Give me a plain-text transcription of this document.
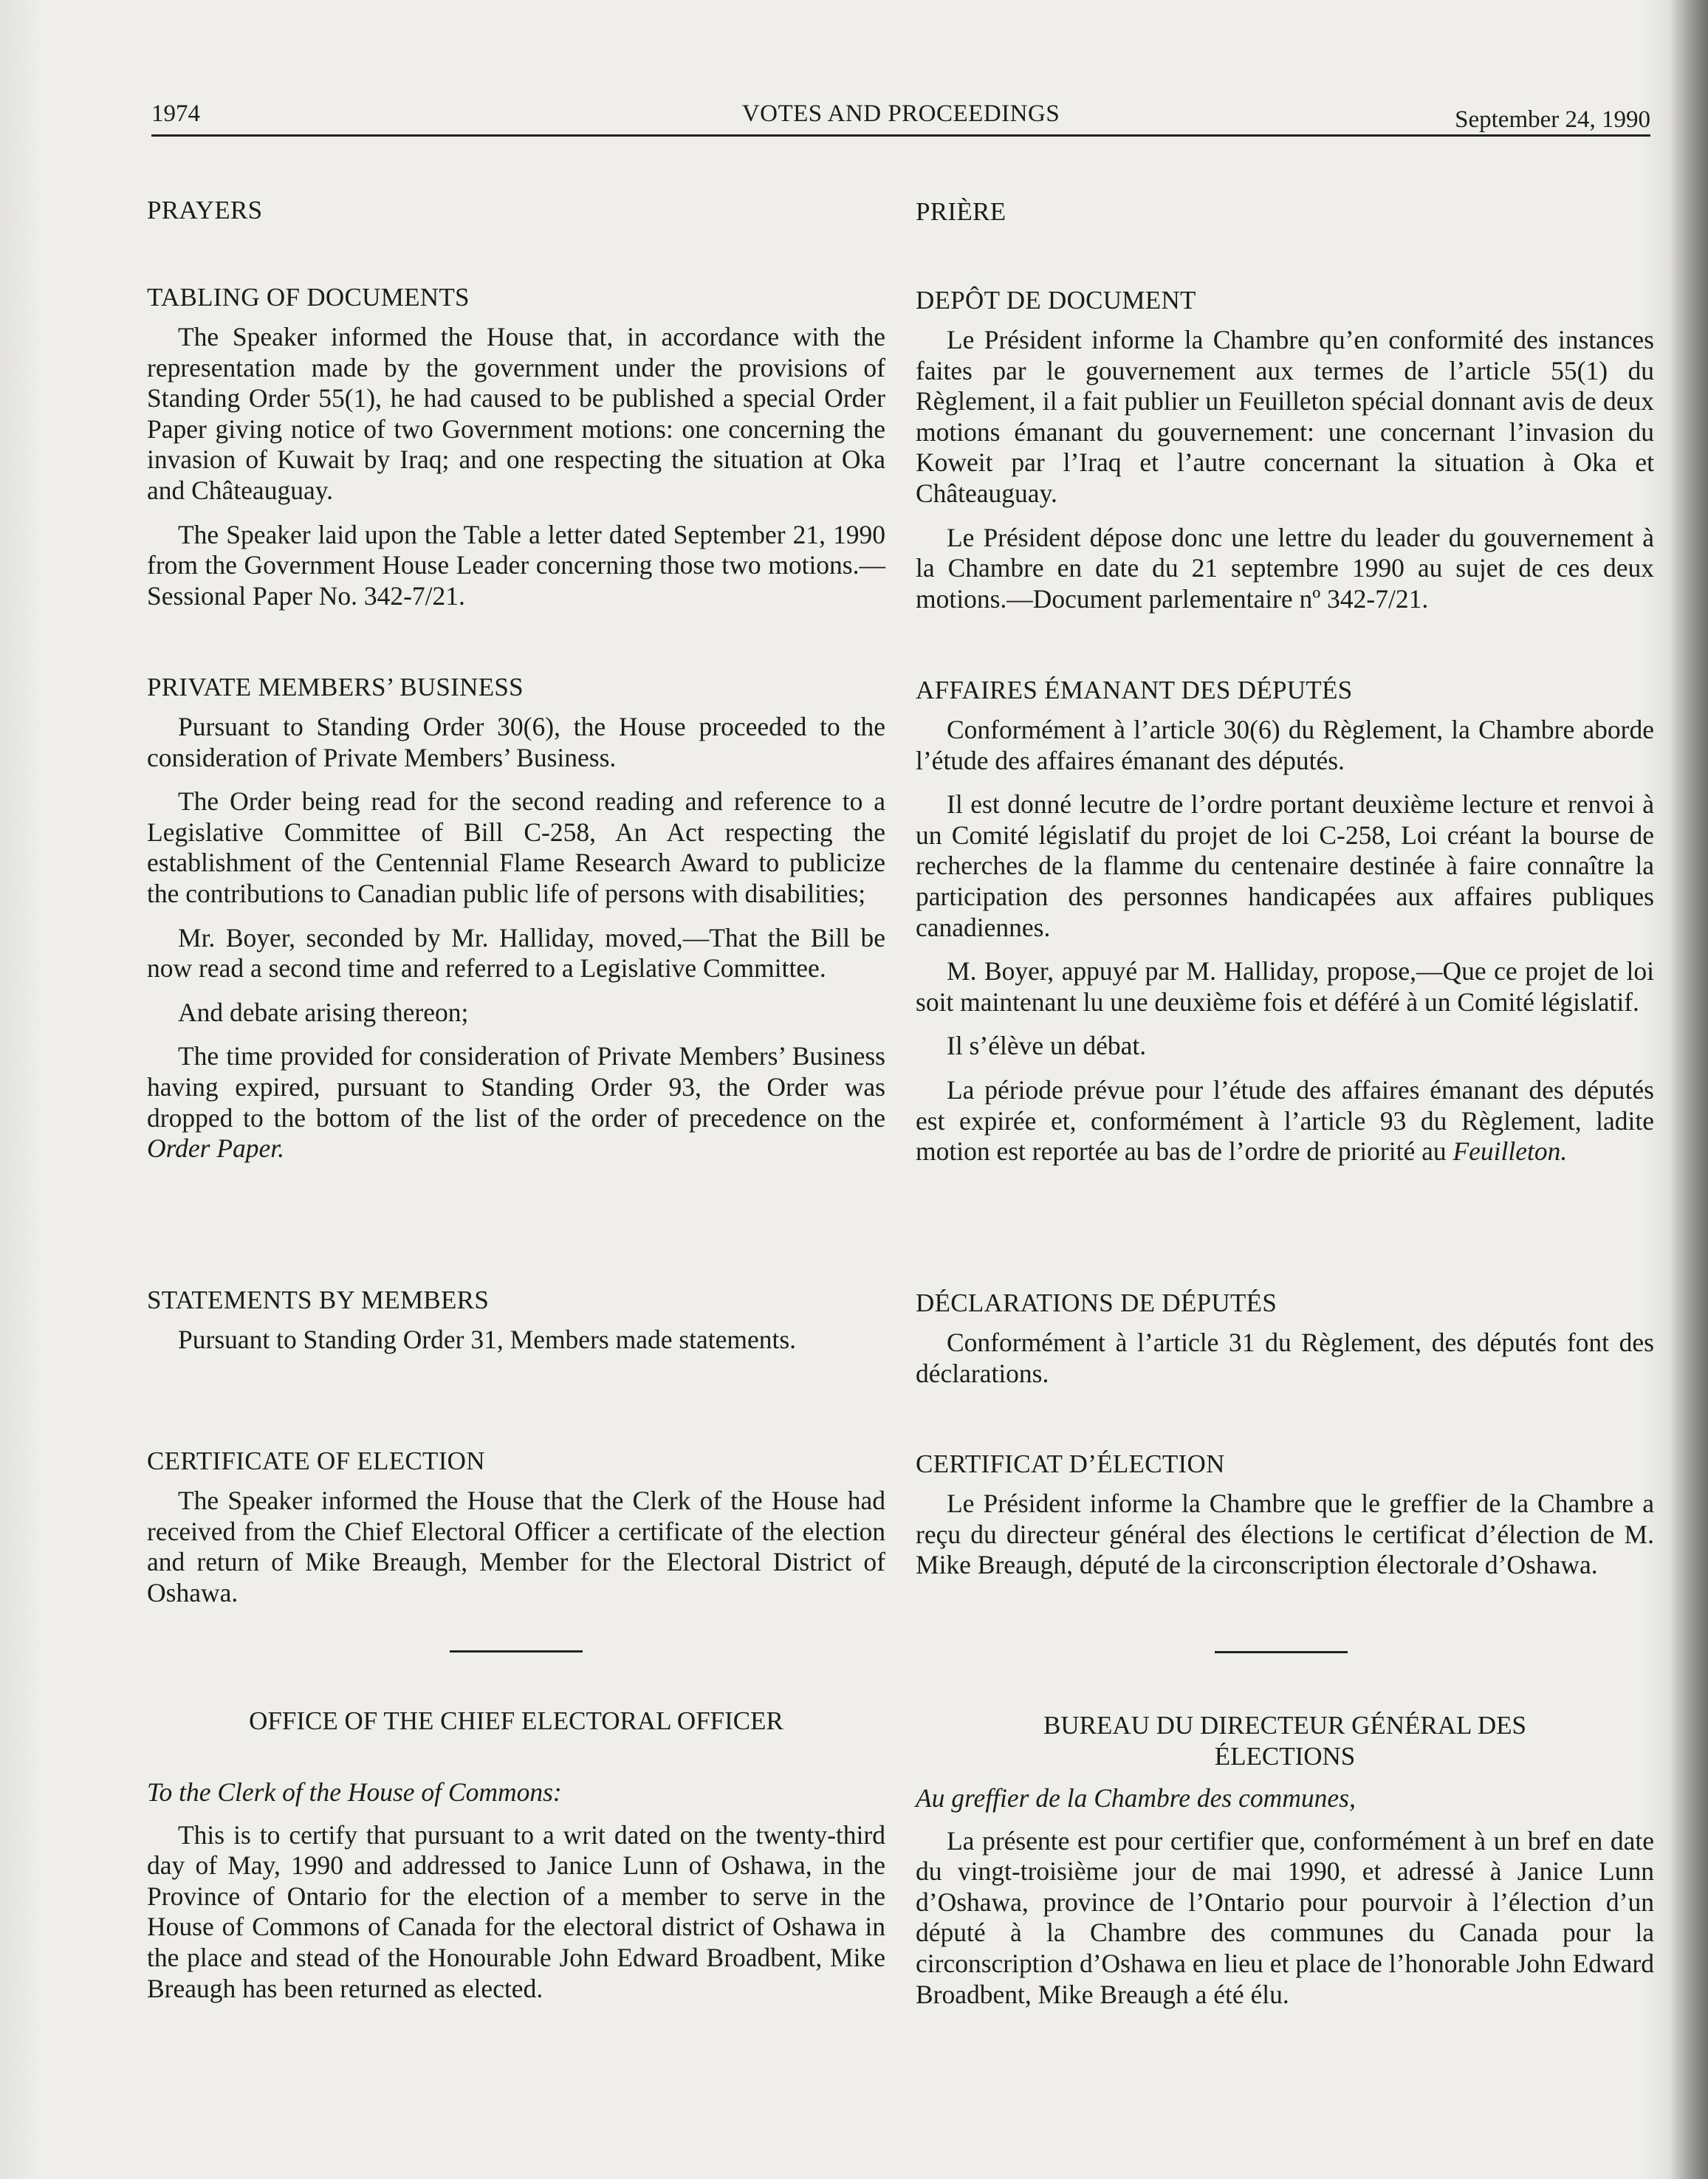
1974	VOTES AND PROCEEDINGS	September 24, 1990
PRAYERS
TABLING OF DOCUMENTS

The Speaker informed the House that, in accordance with the representation made by the government under the provisions of Standing Order 55(1), he had caused to be published a special Order Paper giving notice of two Government motions: one concerning the invasion of Kuwait by Iraq; and one respecting the situation at Oka and Châteauguay.

The Speaker laid upon the Table a letter dated September 21, 1990 from the Government House Leader concerning those two motions.—Sessional Paper No. 342-7/21.

PRIVATE MEMBERS’ BUSINESS

Pursuant to Standing Order 30(6), the House proceeded to the consideration of Private Members’ Business.

The Order being read for the second reading and reference to a Legislative Committee of Bill C-258, An Act respecting the establishment of the Centennial Flame Research Award to publicize the contributions to Canadian public life of persons with disabilities;

Mr. Boyer, seconded by Mr. Halliday, moved,—That the Bill be now read a second time and referred to a Legislative Committee.

And debate arising thereon;

The time provided for consideration of Private Members’ Business having expired, pursuant to Standing Order 93, the Order was dropped to the bottom of the list of the order of precedence on the Order Paper.

STATEMENTS BY MEMBERS

Pursuant to Standing Order 31, Members made statements.

CERTIFICATE OF ELECTION

The Speaker informed the House that the Clerk of the House had received from the Chief Electoral Officer a certificate of the election and return of Mike Breaugh, Member for the Electoral District of Oshawa.

OFFICE OF THE CHIEF ELECTORAL OFFICER

To the Clerk of the House of Commons:

This is to certify that pursuant to a writ dated on the twenty-third day of May, 1990 and addressed to Janice Lunn of Oshawa, in the Province of Ontario for the election of a member to serve in the House of Commons of Canada for the electoral district of Oshawa in the place and stead of the Honourable John Edward Broadbent, Mike Breaugh has been returned as elected.

PRIÈRE
DEPÔT DE DOCUMENT

Le Président informe la Chambre qu’en conformité des instances faites par le gouvernement aux termes de l’article 55(1) du Règlement, il a fait publier un Feuilleton spécial donnant avis de deux motions émanant du gouvernement: une concernant l’invasion du Koweit par l’Iraq et l’autre concernant la situation à Oka et Châteauguay.

Le Président dépose donc une lettre du leader du gouvernement à la Chambre en date du 21 septembre 1990 au sujet de ces deux motions.—Document parlementaire nº 342-7/21.

AFFAIRES ÉMANANT DES DÉPUTÉS

Conformément à l’article 30(6) du Règlement, la Chambre aborde l’étude des affaires émanant des députés.

Il est donné lecutre de l’ordre portant deuxième lecture et renvoi à un Comité législatif du projet de loi C-258, Loi créant la bourse de recherches de la flamme du centenaire destinée à faire connaître la participation des personnes handicapées aux affaires publiques canadiennes.

M. Boyer, appuyé par M. Halliday, propose,—Que ce projet de loi soit maintenant lu une deuxième fois et déféré à un Comité législatif.

Il s’élève un débat.

La période prévue pour l’étude des affaires émanant des députés est expirée et, conformément à l’article 93 du Règlement, ladite motion est reportée au bas de l’ordre de priorité au Feuilleton.

DÉCLARATIONS DE DÉPUTÉS

Conformément à l’article 31 du Règlement, des députés font des déclarations.

CERTIFICAT D’ÉLECTION

Le Président informe la Chambre que le greffier de la Chambre a reçu du directeur général des élections le certificat d’élection de M. Mike Breaugh, député de la circonscription électorale d’Oshawa.

BUREAU DU DIRECTEUR GÉNÉRAL DES
ÉLECTIONS

Au greffier de la Chambre des communes,

La présente est pour certifier que, conformément à un bref en date du vingt-troisième jour de mai 1990, et adressé à Janice Lunn d’Oshawa, province de l’Ontario pour pourvoir à l’élection d’un député à la Chambre des communes du Canada pour la circonscription d’Oshawa en lieu et place de l’honorable John Edward Broadbent, Mike Breaugh a été élu.
